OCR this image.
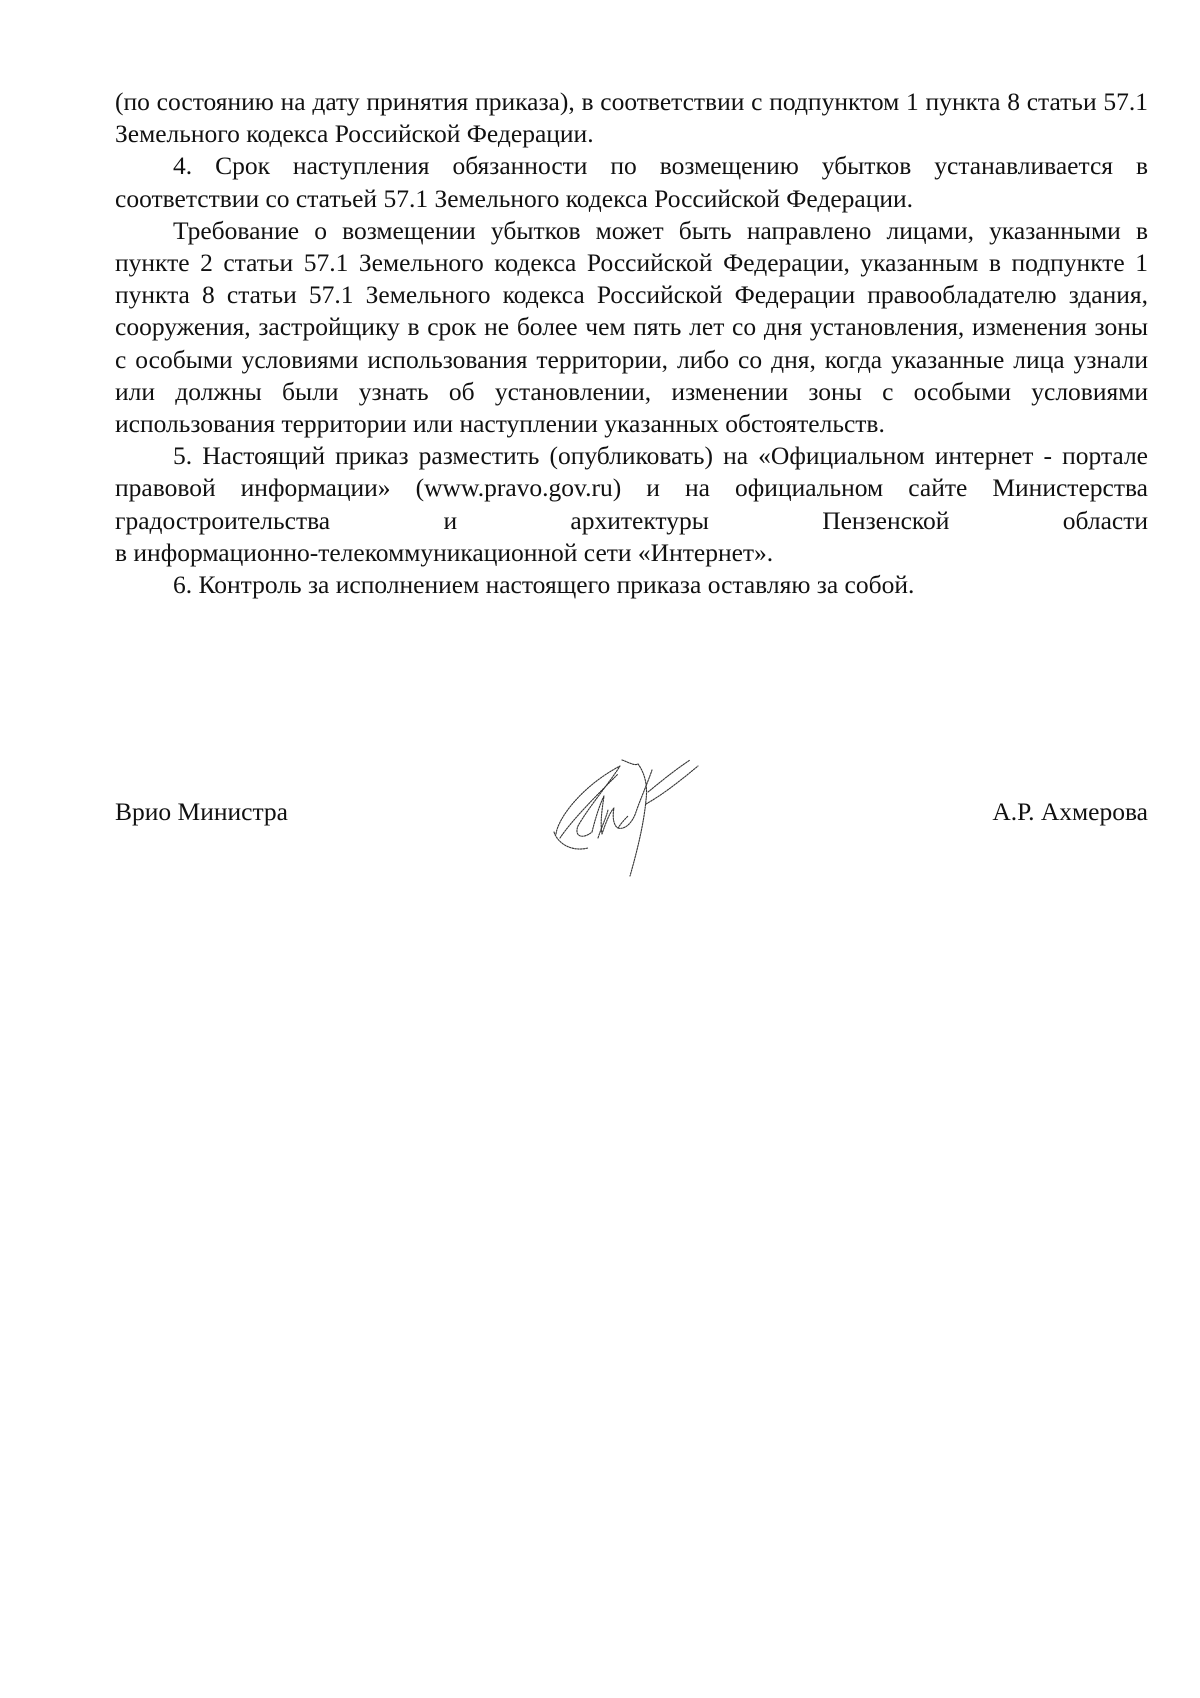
(по состоянию на дату принятия приказа), в соответствии с подпунктом 1 пункта 8 статьи 57.1 Земельного кодекса Российской Федерации.

4. Срок наступления обязанности по возмещению убытков устанавливается в соответствии со статьей 57.1 Земельного кодекса Российской Федерации.

Требование о возмещении убытков может быть направлено лицами, указанными в пункте 2 статьи 57.1 Земельного кодекса Российской Федерации, указанным в подпункте 1 пункта 8 статьи 57.1 Земельного кодекса Российской Федерации правообладателю здания, сооружения, застройщику в срок не более чем пять лет со дня установления, изменения зоны с особыми условиями использования территории, либо со дня, когда указанные лица узнали или должны были узнать об установлении, изменении зоны с особыми условиями использования территории или наступлении указанных обстоятельств.

5. Настоящий приказ разместить (опубликовать) на «Официальном интернет - портале правовой информации» (www.pravo.gov.ru) и на официальном сайте Министерства градостроительства и архитектуры Пензенской области

в информационно-телекоммуникационной сети «Интернет».

6. Контроль за исполнением настоящего приказа оставляю за собой.

Врио Министра	А.Р. Ахмерова
